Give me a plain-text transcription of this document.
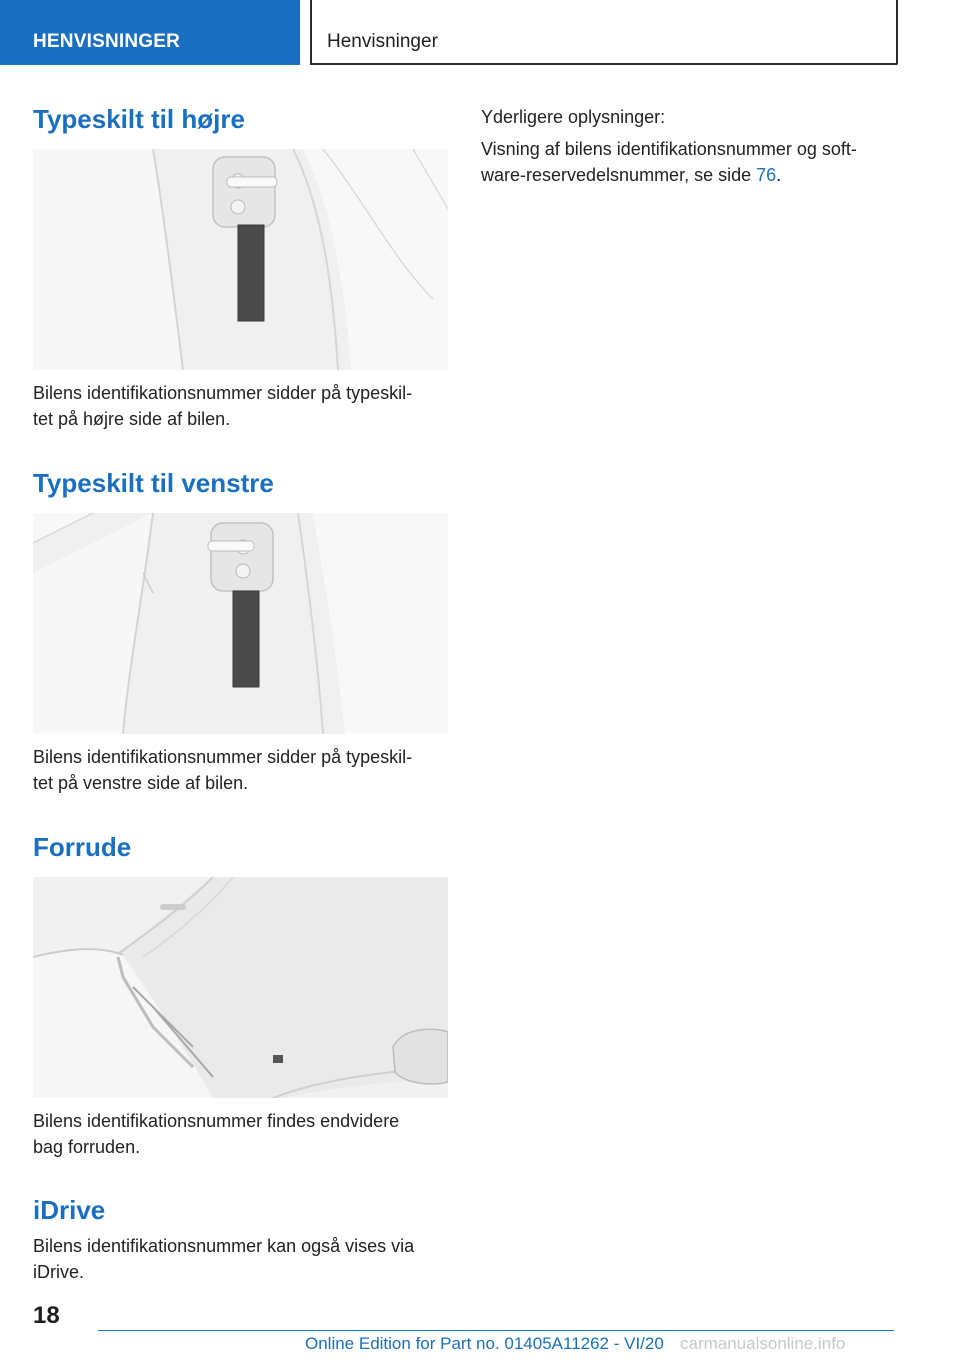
HENVISNINGER	Henvisninger
Typeskilt til højre

Bilens identifikationsnummer sidder på typeskil-
tet på højre side af bilen.

Typeskilt til venstre

Bilens identifikationsnummer sidder på typeskil-
tet på venstre side af bilen.

Forrude

Bilens identifikationsnummer findes endvidere
bag forruden.

iDrive

Bilens identifikationsnummer kan også vises via
iDrive.

Yderligere oplysninger:

Visning af bilens identifikationsnummer og soft-
ware-reservedelsnummer, se side 76.

18
Online Edition for Part no. 01405A11262 - VI/20 carmanualsonline.info
